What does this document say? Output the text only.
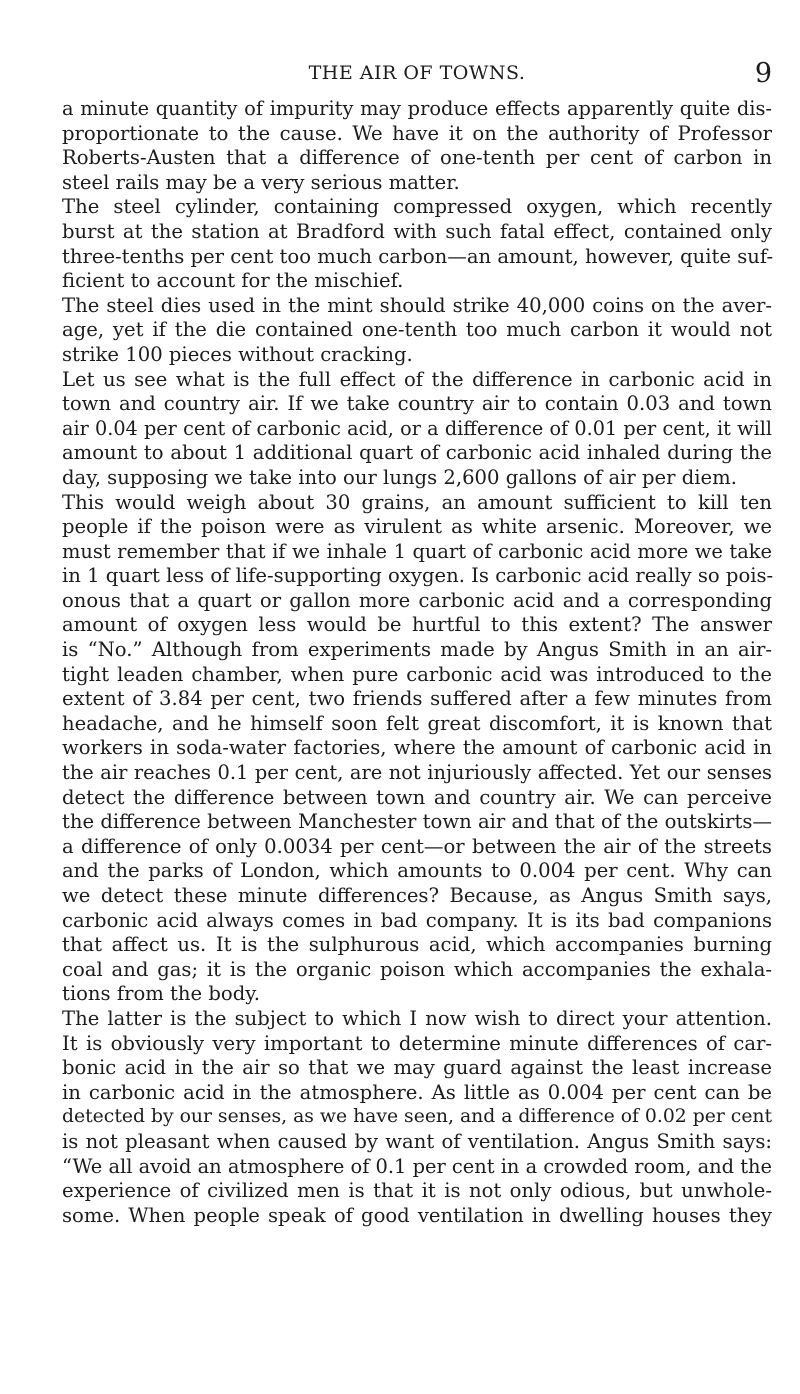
THE AIR OF TOWNS.	9
a minute quantity of impurity may produce effects apparently quite dis-
proportionate to the cause. We have it on the authority of Professor
Roberts-Austen that a difference of one-tenth per cent of carbon in
steel rails may be a very serious matter.
The steel cylinder, containing compressed oxygen, which recently
burst at the station at Bradford with such fatal effect, contained only
three-tenths per cent too much carbon—an amount, however, quite suf-
ficient to account for the mischief.
The steel dies used in the mint should strike 40,000 coins on the aver-
age, yet if the die contained one-tenth too much carbon it would not
strike 100 pieces without cracking.
Let us see what is the full effect of the difference in carbonic acid in
town and country air. If we take country air to contain 0.03 and town
air 0.04 per cent of carbonic acid, or a difference of 0.01 per cent, it will
amount to about 1 additional quart of carbonic acid inhaled during the
day, supposing we take into our lungs 2,600 gallons of air per diem.
This would weigh about 30 grains, an amount sufficient to kill ten
people if the poison were as virulent as white arsenic. Moreover, we
must remember that if we inhale 1 quart of carbonic acid more we take
in 1 quart less of life-supporting oxygen. Is carbonic acid really so pois-
onous that a quart or gallon more carbonic acid and a corresponding
amount of oxygen less would be hurtful to this extent? The answer
is “No.” Although from experiments made by Angus Smith in an air-
tight leaden chamber, when pure carbonic acid was introduced to the
extent of 3.84 per cent, two friends suffered after a few minutes from
headache, and he himself soon felt great discomfort, it is known that
workers in soda-water factories, where the amount of carbonic acid in
the air reaches 0.1 per cent, are not injuriously affected. Yet our senses
detect the difference between town and country air. We can perceive
the difference between Manchester town air and that of the outskirts—
a difference of only 0.0034 per cent—or between the air of the streets
and the parks of London, which amounts to 0.004 per cent. Why can
we detect these minute differences? Because, as Angus Smith says,
carbonic acid always comes in bad company. It is its bad companions
that affect us. It is the sulphurous acid, which accompanies burning
coal and gas; it is the organic poison which accompanies the exhala-
tions from the body.
The latter is the subject to which I now wish to direct your attention.
It is obviously very important to determine minute differences of car-
bonic acid in the air so that we may guard against the least increase
in carbonic acid in the atmosphere. As little as 0.004 per cent can be
detected by our senses, as we have seen, and a difference of 0.02 per cent
is not pleasant when caused by want of ventilation. Angus Smith says:
“We all avoid an atmosphere of 0.1 per cent in a crowded room, and the
experience of civilized men is that it is not only odious, but unwhole-
some. When people speak of good ventilation in dwelling houses they
